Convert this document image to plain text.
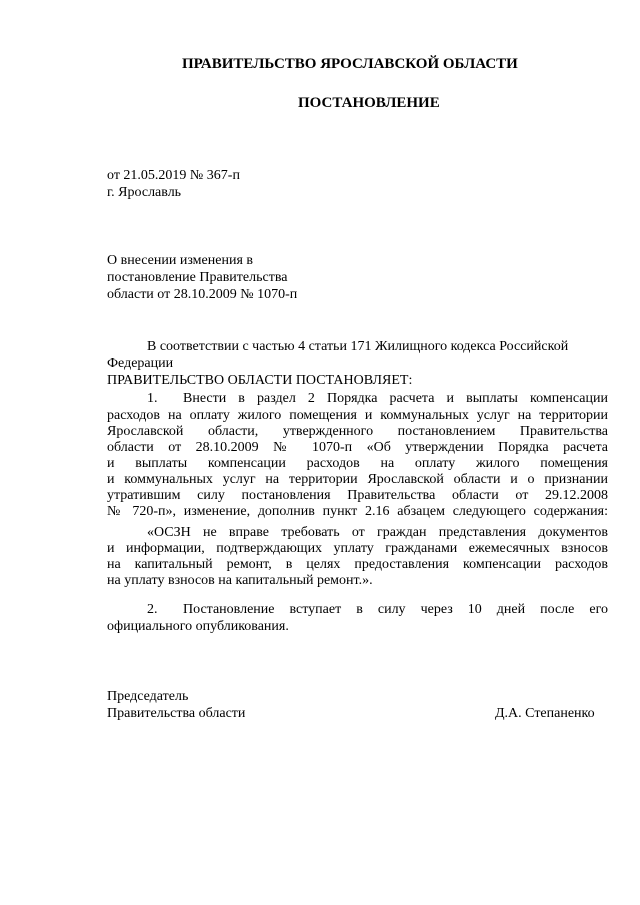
ПРАВИТЕЛЬСТВО ЯРОСЛАВСКОЙ ОБЛАСТИ
ПОСТАНОВЛЕНИЕ
от 21.05.2019 № 367-п
г. Ярославль
О внесении изменения в
постановление Правительства
области от 28.10.2009 № 1070-п
В соответствии с частью 4 статьи 171 Жилищного кодекса Российской
Федерации
ПРАВИТЕЛЬСТВО ОБЛАСТИ ПОСТАНОВЛЯЕТ:
1. Внести в раздел 2 Порядка расчета и выплаты компенсации
расходов на оплату жилого помещения и коммунальных услуг на территории
Ярославской области, утвержденного постановлением Правительства
области от 28.10.2009 № 1070-п «Об утверждении Порядка расчета
и выплаты компенсации расходов на оплату жилого помещения
и коммунальных услуг на территории Ярославской области и о признании
утратившим силу постановления Правительства области от 29.12.2008
№ 720-п», изменение, дополнив пункт 2.16 абзацем следующего содержания:
«ОСЗН не вправе требовать от граждан представления документов
и информации, подтверждающих уплату гражданами ежемесячных взносов
на капитальный ремонт, в целях предоставления компенсации расходов
на уплату взносов на капитальный ремонт.».
2. Постановление вступает в силу через 10 дней после его
официального опубликования.
Председатель
Правительства области	Д.А. Степаненко
